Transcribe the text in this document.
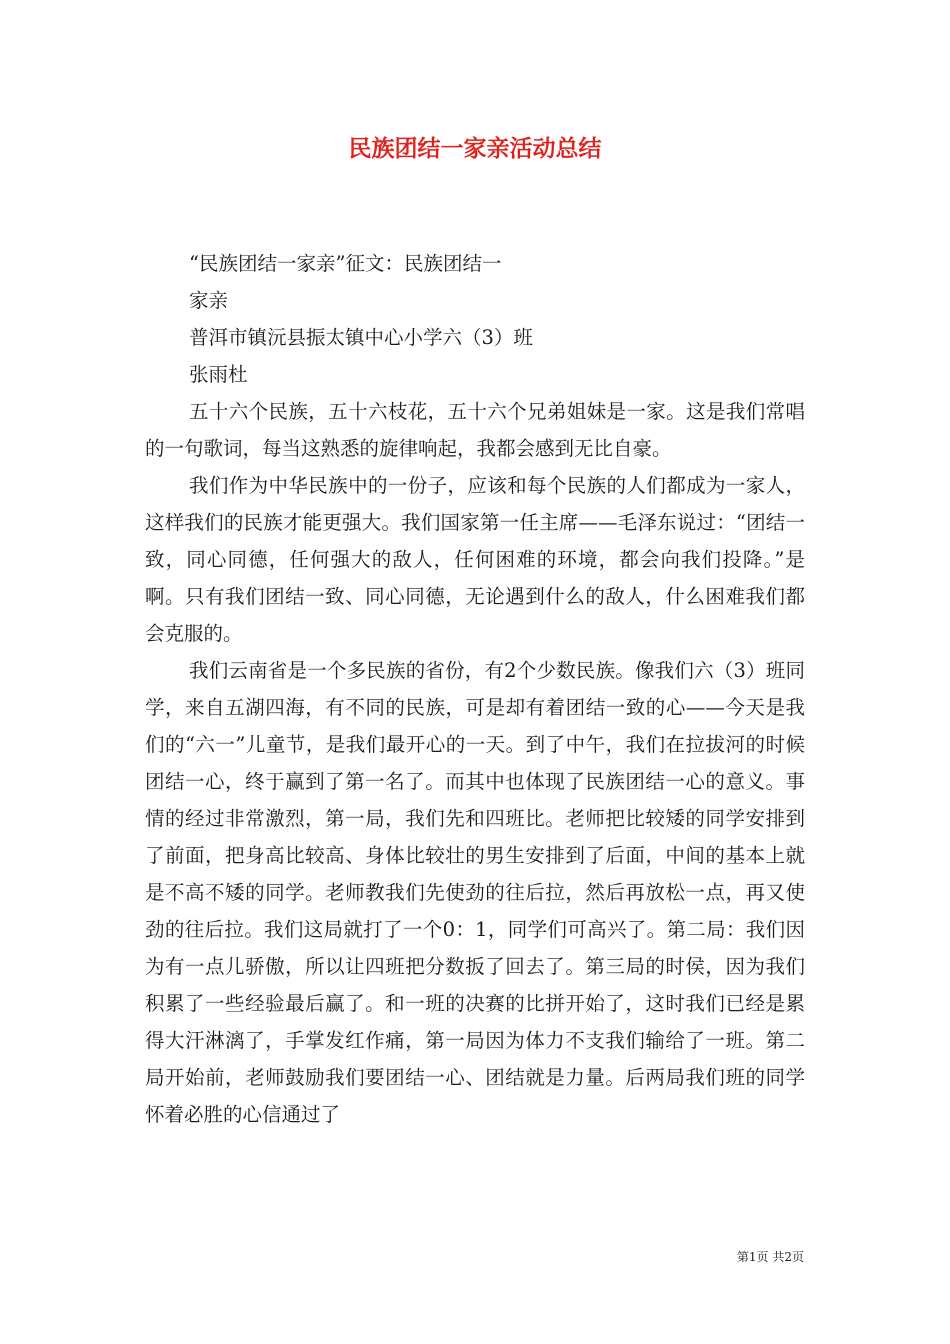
民族团结一家亲活动总结

“民族团结一家亲”征文：民族团结一

家亲

普洱市镇沅县振太镇中心小学六（3）班

张雨杜

五十六个民族，五十六枝花，五十六个兄弟姐妹是一家。这是我们常唱的一句歌词，每当这熟悉的旋律响起，我都会感到无比自豪。

我们作为中华民族中的一份子，应该和每个民族的人们都成为一家人，这样我们的民族才能更强大。我们国家第一任主席——毛泽东说过：“团结一致，同心同德，任何强大的敌人，任何困难的环境，都会向我们投降。”是啊。只有我们团结一致、同心同德，无论遇到什么的敌人，什么困难我们都会克服的。

我们云南省是一个多民族的省份，有2个少数民族。像我们六（3）班同学，来自五湖四海，有不同的民族，可是却有着团结一致的心——今天是我们的“六一”儿童节，是我们最开心的一天。到了中午，我们在拉拔河的时候团结一心，终于赢到了第一名了。而其中也体现了民族团结一心的意义。事情的经过非常激烈，第一局，我们先和四班比。老师把比较矮的同学安排到了前面，把身高比较高、身体比较壮的男生安排到了后面，中间的基本上就是不高不矮的同学。老师教我们先使劲的往后拉，然后再放松一点，再又使劲的往后拉。我们这局就打了一个0：1，同学们可高兴了。第二局：我们因为有一点儿骄傲，所以让四班把分数扳了回去了。第三局的时侯，因为我们积累了一些经验最后赢了。和一班的决赛的比拼开始了，这时我们已经是累得大汗淋漓了，手掌发红作痛，第一局因为体力不支我们输给了一班。第二局开始前，老师鼓励我们要团结一心、团结就是力量。后两局我们班的同学怀着必胜的心信通过了

第1页 共2页
